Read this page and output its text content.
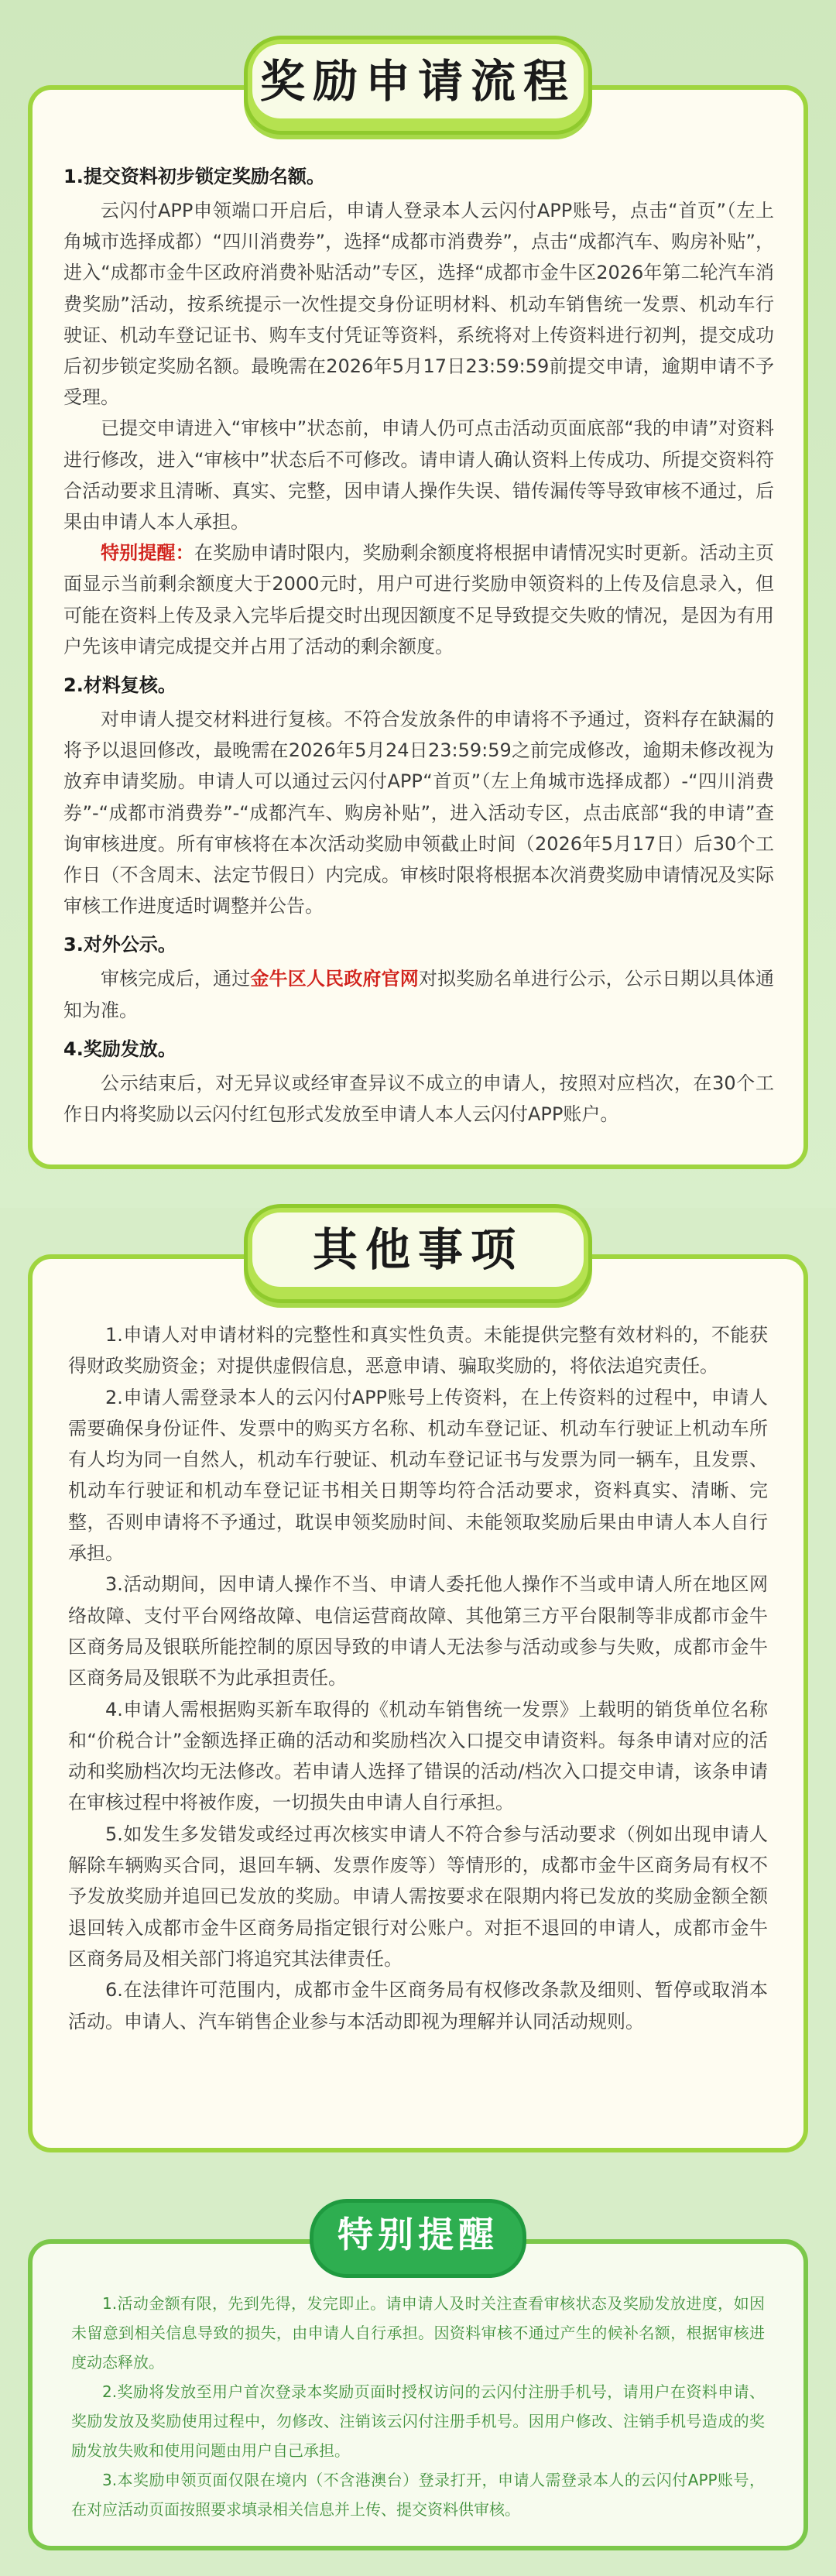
1.提交资料初步锁定奖励名额。

云闪付APP申领端口开启后，申请人登录本人云闪付APP账号，点击“首页”（左上角城市选择成都）“四川消费券”，选择“成都市消费券”，点击“成都汽车、购房补贴”，进入“成都市金牛区政府消费补贴活动”专区，选择“成都市金牛区2026年第二轮汽车消费奖励”活动，按系统提示一次性提交身份证明材料、机动车销售统一发票、机动车行驶证、机动车登记证书、购车支付凭证等资料，系统将对上传资料进行初判，提交成功后初步锁定奖励名额。最晚需在2026年5月17日23:59:59前提交申请，逾期申请不予受理。

已提交申请进入“审核中”状态前，申请人仍可点击活动页面底部“我的申请”对资料进行修改，进入“审核中”状态后不可修改。请申请人确认资料上传成功、所提交资料符合活动要求且清晰、真实、完整，因申请人操作失误、错传漏传等导致审核不通过，后果由申请人本人承担。

特别提醒：在奖励申请时限内，奖励剩余额度将根据申请情况实时更新。活动主页面显示当前剩余额度大于2000元时，用户可进行奖励申领资料的上传及信息录入，但可能在资料上传及录入完毕后提交时出现因额度不足导致提交失败的情况，是因为有用户先该申请完成提交并占用了活动的剩余额度。

2.材料复核。

对申请人提交材料进行复核。不符合发放条件的申请将不予通过，资料存在缺漏的将予以退回修改，最晚需在2026年5月24日23:59:59之前完成修改，逾期未修改视为放弃申请奖励。申请人可以通过云闪付APP“首页”（左上角城市选择成都）-“四川消费券”-“成都市消费券”-“成都汽车、购房补贴”，进入活动专区，点击底部“我的申请”查询审核进度。所有审核将在本次活动奖励申领截止时间（2026年5月17日）后30个工作日（不含周末、法定节假日）内完成。审核时限将根据本次消费奖励申请情况及实际审核工作进度适时调整并公告。

3.对外公示。

审核完成后，通过金牛区人民政府官网对拟奖励名单进行公示，公示日期以具体通知为准。

4.奖励发放。

公示结束后，对无异议或经审查异议不成立的申请人，按照对应档次，在30个工作日内将奖励以云闪付红包形式发放至申请人本人云闪付APP账户。

奖励申请流程

1.申请人对申请材料的完整性和真实性负责。未能提供完整有效材料的，不能获得财政奖励资金；对提供虚假信息，恶意申请、骗取奖励的，将依法追究责任。

2.申请人需登录本人的云闪付APP账号上传资料，在上传资料的过程中，申请人需要确保身份证件、发票中的购买方名称、机动车登记证、机动车行驶证上机动车所有人均为同一自然人，机动车行驶证、机动车登记证书与发票为同一辆车，且发票、机动车行驶证和机动车登记证书相关日期等均符合活动要求，资料真实、清晰、完整，否则申请将不予通过，耽误申领奖励时间、未能领取奖励后果由申请人本人自行承担。

3.活动期间，因申请人操作不当、申请人委托他人操作不当或申请人所在地区网络故障、支付平台网络故障、电信运营商故障、其他第三方平台限制等非成都市金牛区商务局及银联所能控制的原因导致的申请人无法参与活动或参与失败，成都市金牛区商务局及银联不为此承担责任。

4.申请人需根据购买新车取得的《机动车销售统一发票》上载明的销货单位名称和“价税合计”金额选择正确的活动和奖励档次入口提交申请资料。每条申请对应的活动和奖励档次均无法修改。若申请人选择了错误的活动/档次入口提交申请，该条申请在审核过程中将被作废，一切损失由申请人自行承担。

5.如发生多发错发或经过再次核实申请人不符合参与活动要求（例如出现申请人解除车辆购买合同，退回车辆、发票作废等）等情形的，成都市金牛区商务局有权不予发放奖励并追回已发放的奖励。申请人需按要求在限期内将已发放的奖励金额全额退回转入成都市金牛区商务局指定银行对公账户。对拒不退回的申请人，成都市金牛区商务局及相关部门将追究其法律责任。

6.在法律许可范围内，成都市金牛区商务局有权修改条款及细则、暂停或取消本活动。申请人、汽车销售企业参与本活动即视为理解并认同活动规则。

其他事项

1.活动金额有限，先到先得，发完即止。请申请人及时关注查看审核状态及奖励发放进度，如因未留意到相关信息导致的损失，由申请人自行承担。因资料审核不通过产生的候补名额，根据审核进度动态释放。

2.奖励将发放至用户首次登录本奖励页面时授权访问的云闪付注册手机号，请用户在资料申请、奖励发放及奖励使用过程中，勿修改、注销该云闪付注册手机号。因用户修改、注销手机号造成的奖励发放失败和使用问题由用户自己承担。

3.本奖励申领页面仅限在境内（不含港澳台）登录打开，申请人需登录本人的云闪付APP账号，在对应活动页面按照要求填录相关信息并上传、提交资料供审核。

特别提醒
